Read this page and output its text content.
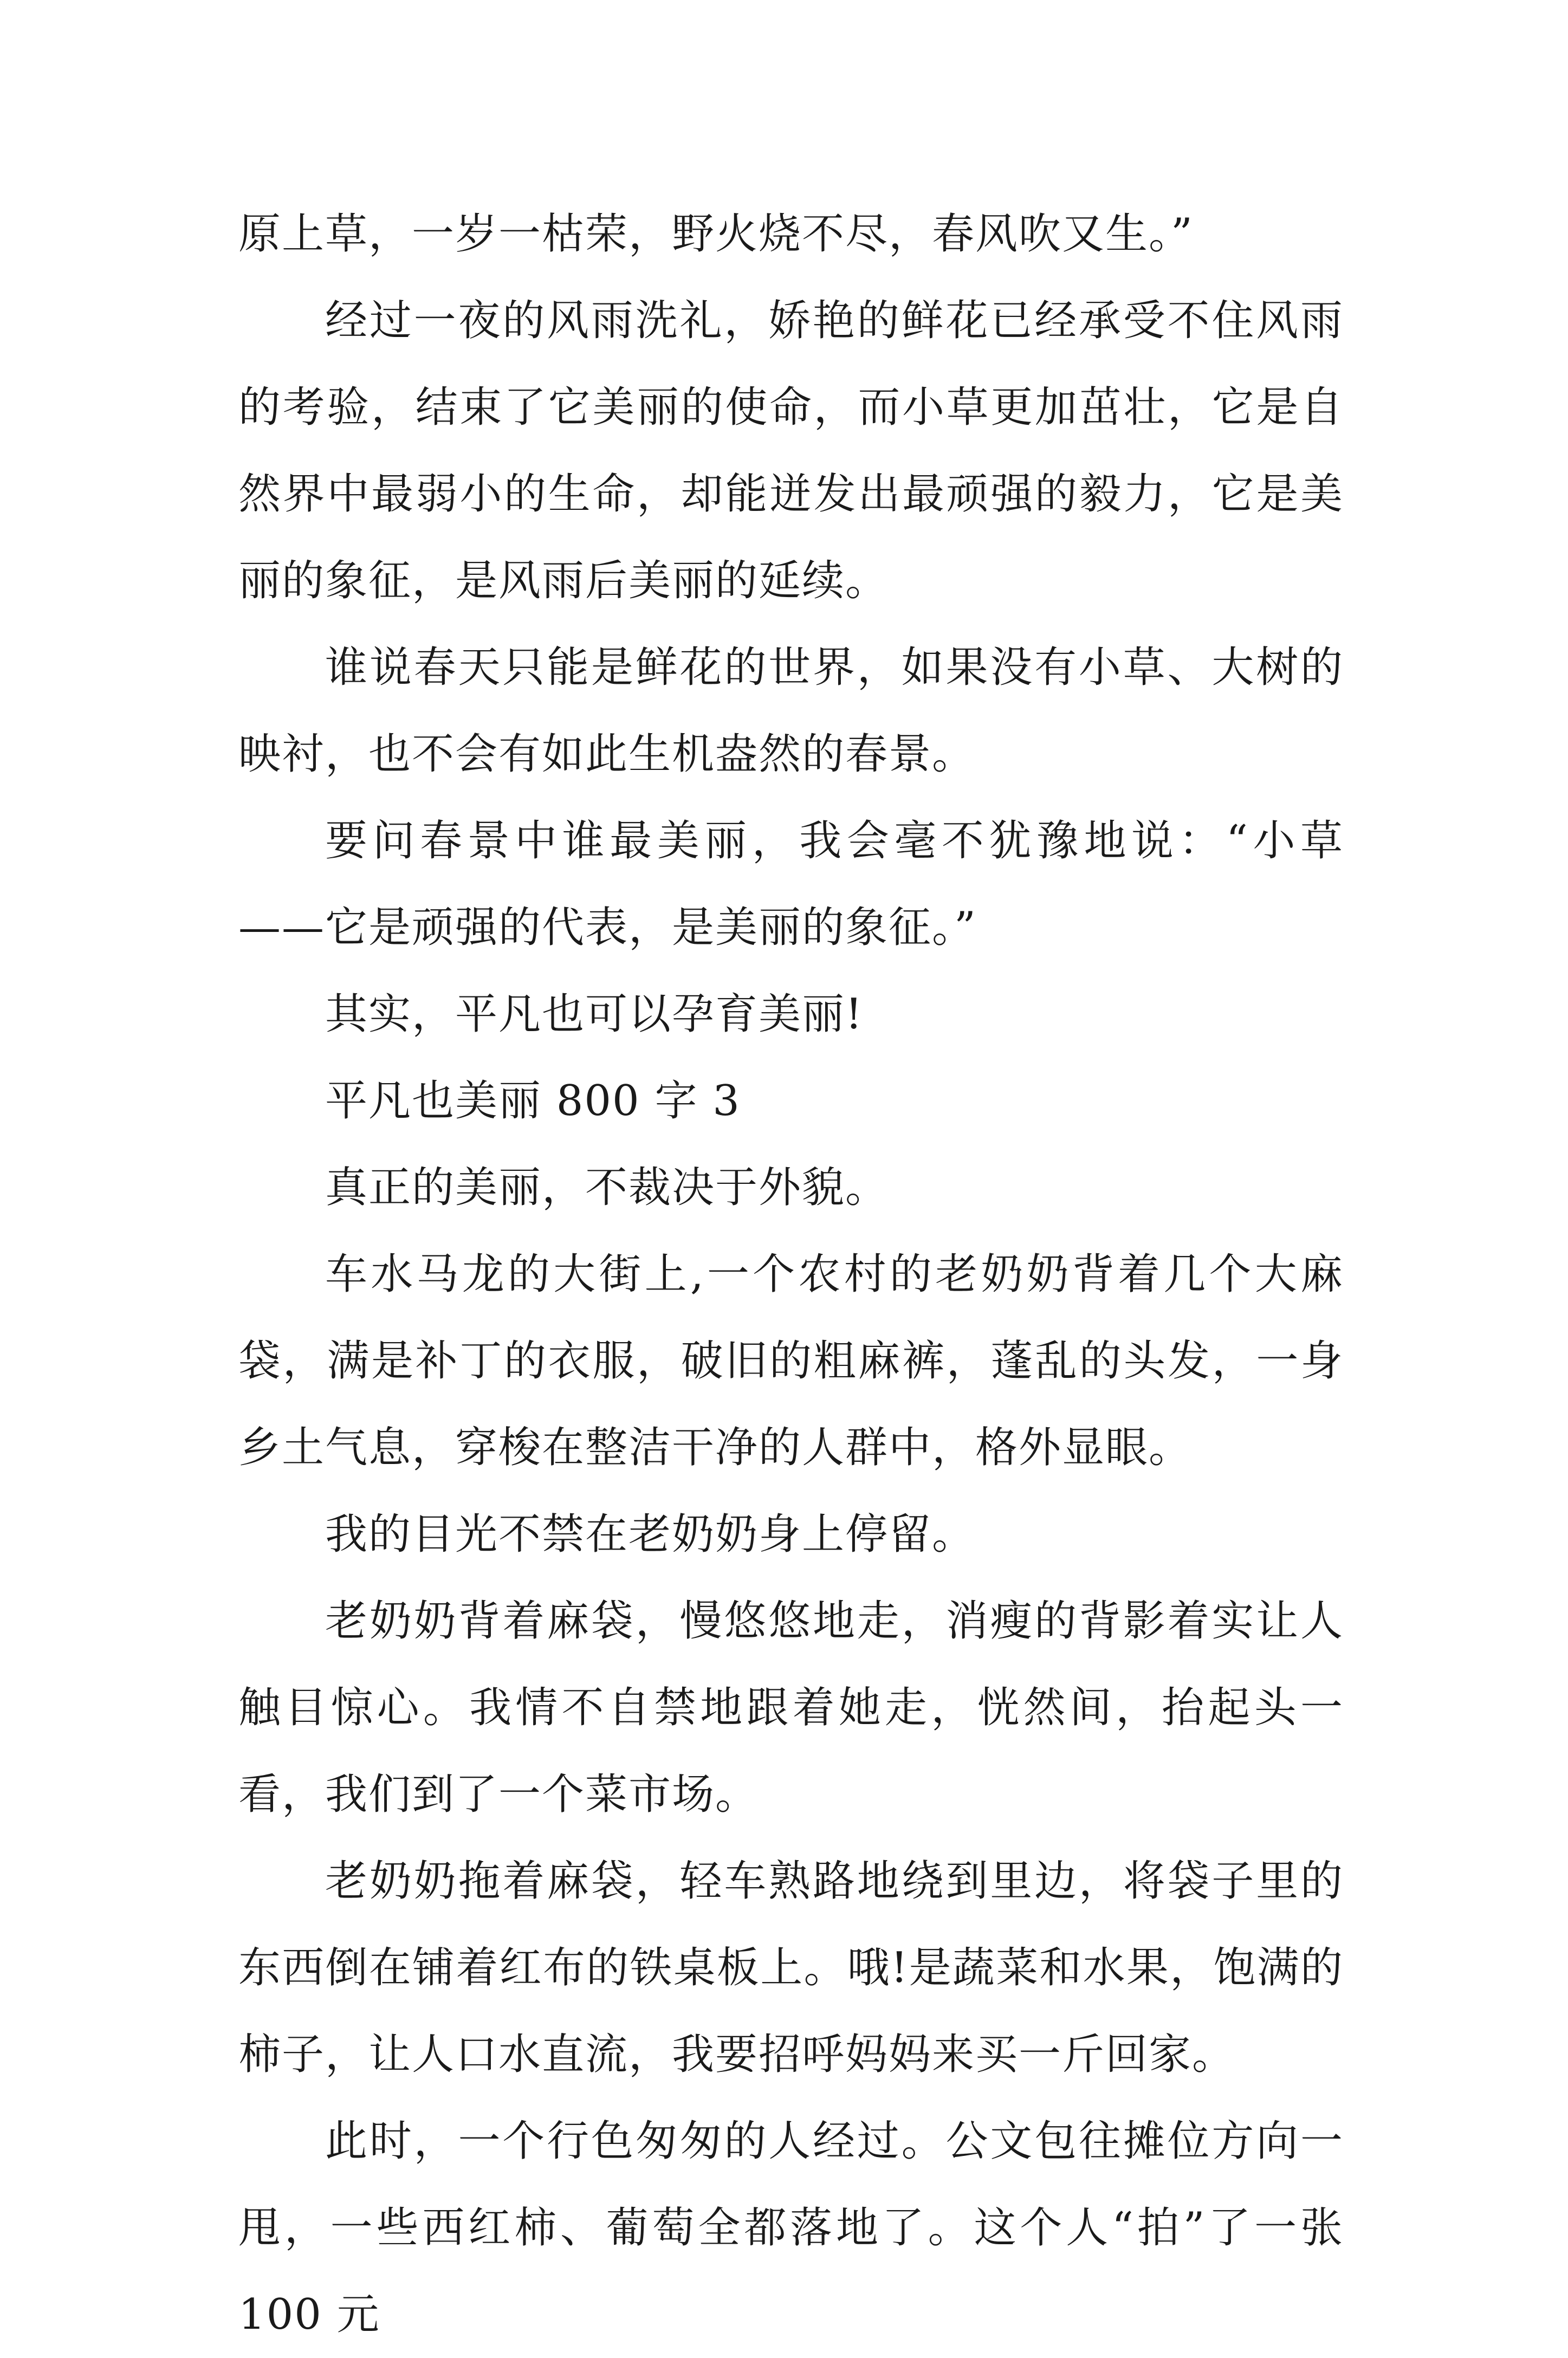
原上草，一岁一枯荣，野火烧不尽，春风吹又生。”

经过一夜的风雨洗礼，娇艳的鲜花已经承受不住风雨的考验，结束了它美丽的使命，而小草更加茁壮，它是自然界中最弱小的生命，却能迸发出最顽强的毅力，它是美丽的象征，是风雨后美丽的延续。

谁说春天只能是鲜花的世界，如果没有小草、大树的映衬，也不会有如此生机盎然的春景。

要问春景中谁最美丽，我会毫不犹豫地说：“小草——它是顽强的代表，是美丽的象征。”

其实，平凡也可以孕育美丽!

平凡也美丽 800 字 3

真正的美丽，不裁决于外貌。

车水马龙的大街上,一个农村的老奶奶背着几个大麻袋，满是补丁的衣服，破旧的粗麻裤，蓬乱的头发，一身乡土气息，穿梭在整洁干净的人群中，格外显眼。

我的目光不禁在老奶奶身上停留。

老奶奶背着麻袋，慢悠悠地走，消瘦的背影着实让人触目惊心。我情不自禁地跟着她走，恍然间，抬起头一看，我们到了一个菜市场。

老奶奶拖着麻袋，轻车熟路地绕到里边，将袋子里的东西倒在铺着红布的铁桌板上。哦!是蔬菜和水果，饱满的柿子，让人口水直流，我要招呼妈妈来买一斤回家。

此时，一个行色匆匆的人经过。公文包往摊位方向一甩，一些西红柿、葡萄全都落地了。这个人“拍”了一张 100 元
